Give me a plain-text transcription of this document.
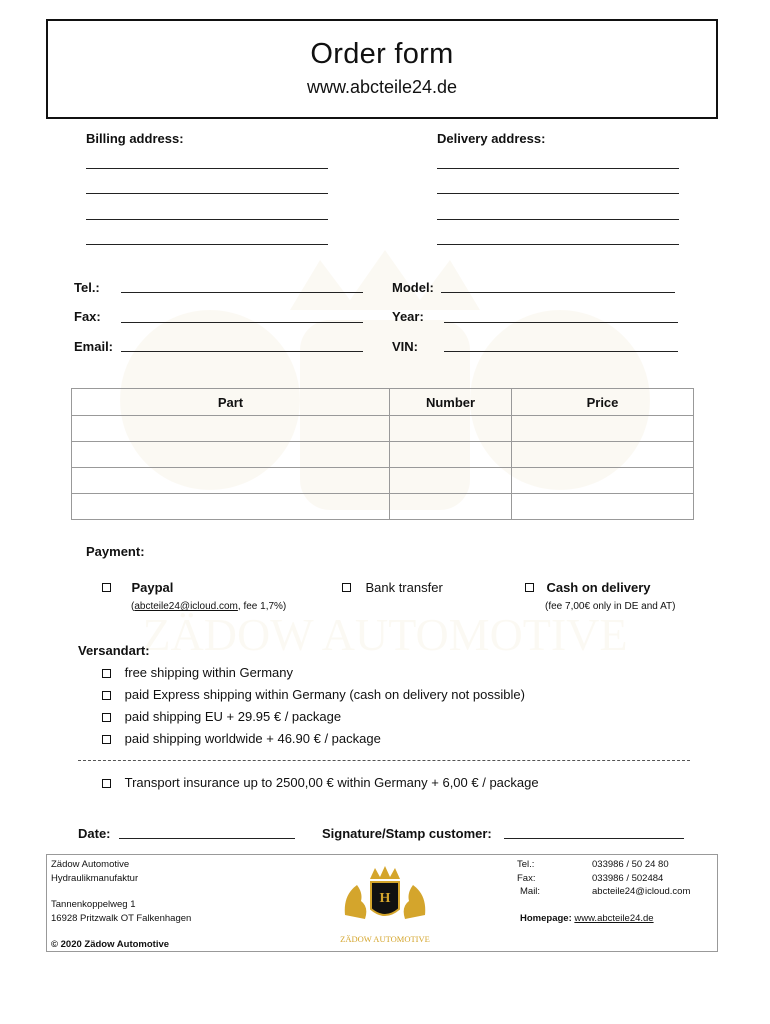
ZÄDOW AUTOMOTIVE
Order form
www.abcteile24.de
Billing address:	Delivery address:
Tel.:
Fax:
Email:
Model:
Year:
VIN:
Part	Number	Price

Payment:
Paypal
(abcteile24@icloud.com, fee 1,7%)
Bank transfer	Cash on delivery
(fee 7,00€ only in DE and AT)
Versandart:
free shipping within Germany
paid Express shipping within Germany (cash on delivery not possible)
paid shipping EU + 29.95 € / package
paid shipping worldwide + 46.90 € / package
Transport insurance up to 2500,00 € within Germany + 6,00 € / package
Date:	Signature/Stamp customer:
Zädow Automotive
Hydraulikmanufaktur
Tannenkoppelweg 1
16928 Pritzwalk OT Falkenhagen
© 2020 Zädow Automotive
H
ZÄDOW AUTOMOTIVE
Tel.:	033986 / 50 24 80
Fax:	033986 / 502484
Mail:	abcteile24@icloud.com
Homepage: www.abcteile24.de
